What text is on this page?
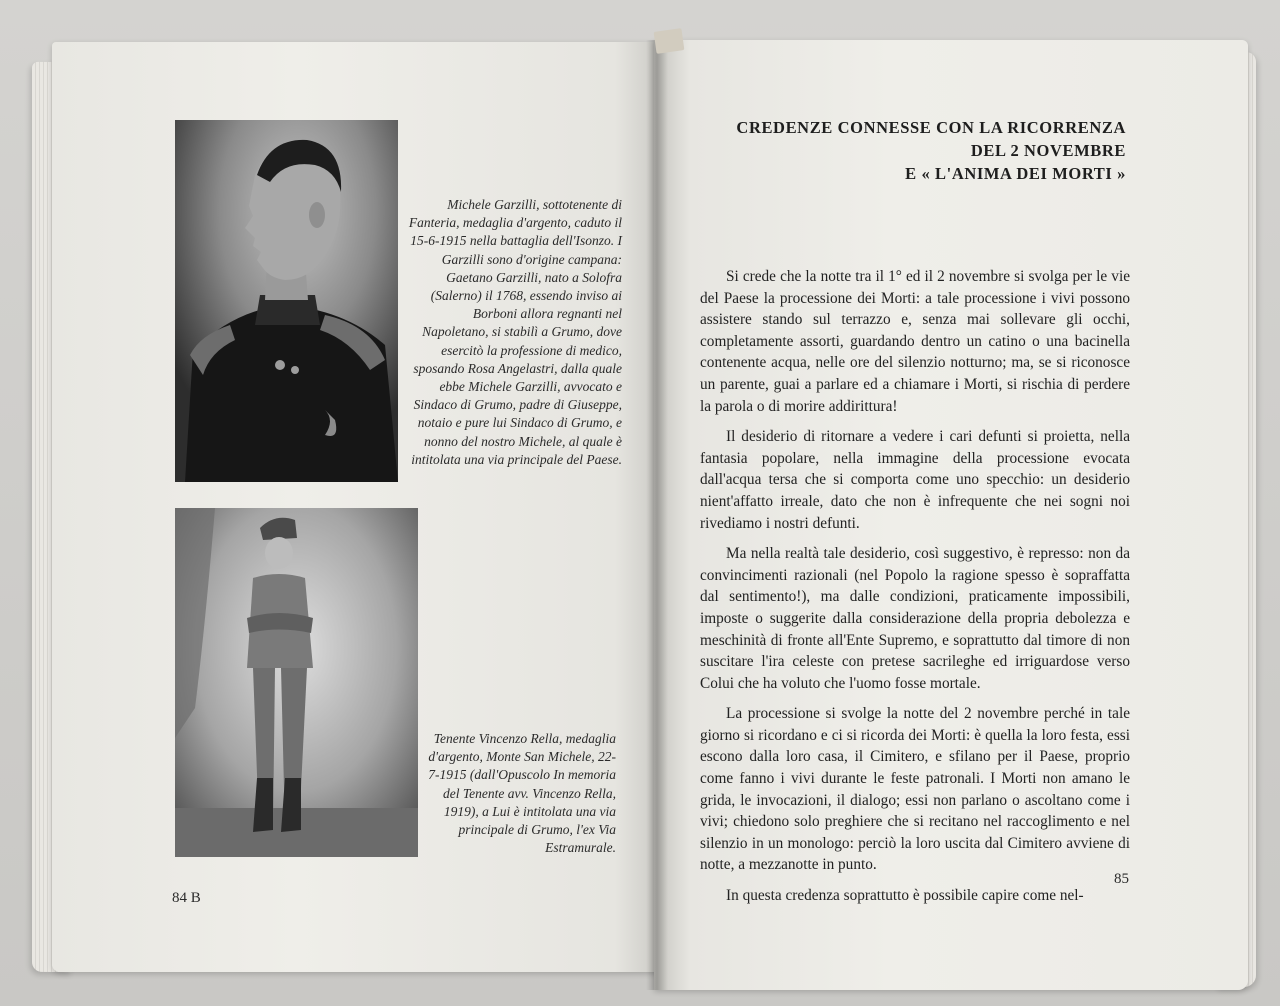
Michele Garzilli, sottotenente di Fanteria, medaglia d'argento, caduto il 15-6-1915 nella battaglia dell'Isonzo. I Garzilli sono d'origine campana: Gaetano Garzilli, nato a Solofra (Salerno) il 1768, essendo inviso ai Borboni allora regnanti nel Napoletano, si stabilì a Grumo, dove esercitò la professione di medico, sposando Rosa Angelastri, dalla quale ebbe Michele Garzilli, avvocato e Sindaco di Grumo, padre di Giuseppe, notaio e pure lui Sindaco di Grumo, e nonno del nostro Michele, al quale è intitolata una via principale del Paese.

Tenente Vincenzo Rella, medaglia d'argento, Monte San Michele, 22-7-1915 (dall'Opuscolo In memoria del Tenente avv. Vincenzo Rella, 1919), a Lui è intitolata una via principale di Grumo, l'ex Via Estramurale.

84 B

CREDENZE CONNESSE CON LA RICORRENZA
DEL 2 NOVEMBRE
E « L'ANIMA DEI MORTI »

Si crede che la notte tra il 1° ed il 2 novembre si svolga per le vie del Paese la processione dei Morti: a tale processione i vivi possono assistere stando sul terrazzo e, senza mai sollevare gli occhi, completamente assorti, guardando dentro un catino o una bacinella contenente acqua, nelle ore del silenzio notturno; ma, se si riconosce un parente, guai a parlare ed a chiamare i Morti, si rischia di perdere la parola o di morire addirittura!

Il desiderio di ritornare a vedere i cari defunti si proietta, nella fantasia popolare, nella immagine della processione evocata dall'acqua tersa che si comporta come uno specchio: un desiderio nient'affatto irreale, dato che non è infrequente che nei sogni noi rivediamo i nostri defunti.

Ma nella realtà tale desiderio, così suggestivo, è represso: non da convincimenti razionali (nel Popolo la ragione spesso è sopraffatta dal sentimento!), ma dalle condizioni, praticamente impossibili, imposte o suggerite dalla considerazione della propria debolezza e meschinità di fronte all'Ente Supremo, e soprattutto dal timore di non suscitare l'ira celeste con pretese sacrileghe ed irriguardose verso Colui che ha voluto che l'uomo fosse mortale.

La processione si svolge la notte del 2 novembre perché in tale giorno si ricordano e ci si ricorda dei Morti: è quella la loro festa, essi escono dalla loro casa, il Cimitero, e sfilano per il Paese, proprio come fanno i vivi durante le feste patronali. I Morti non amano le grida, le invocazioni, il dialogo; essi non parlano o ascoltano come i vivi; chiedono solo preghiere che si recitano nel raccoglimento e nel silenzio in un monologo: perciò la loro uscita dal Cimitero avviene di notte, a mezzanotte in punto.

In questa credenza soprattutto è possibile capire come nel-

85
